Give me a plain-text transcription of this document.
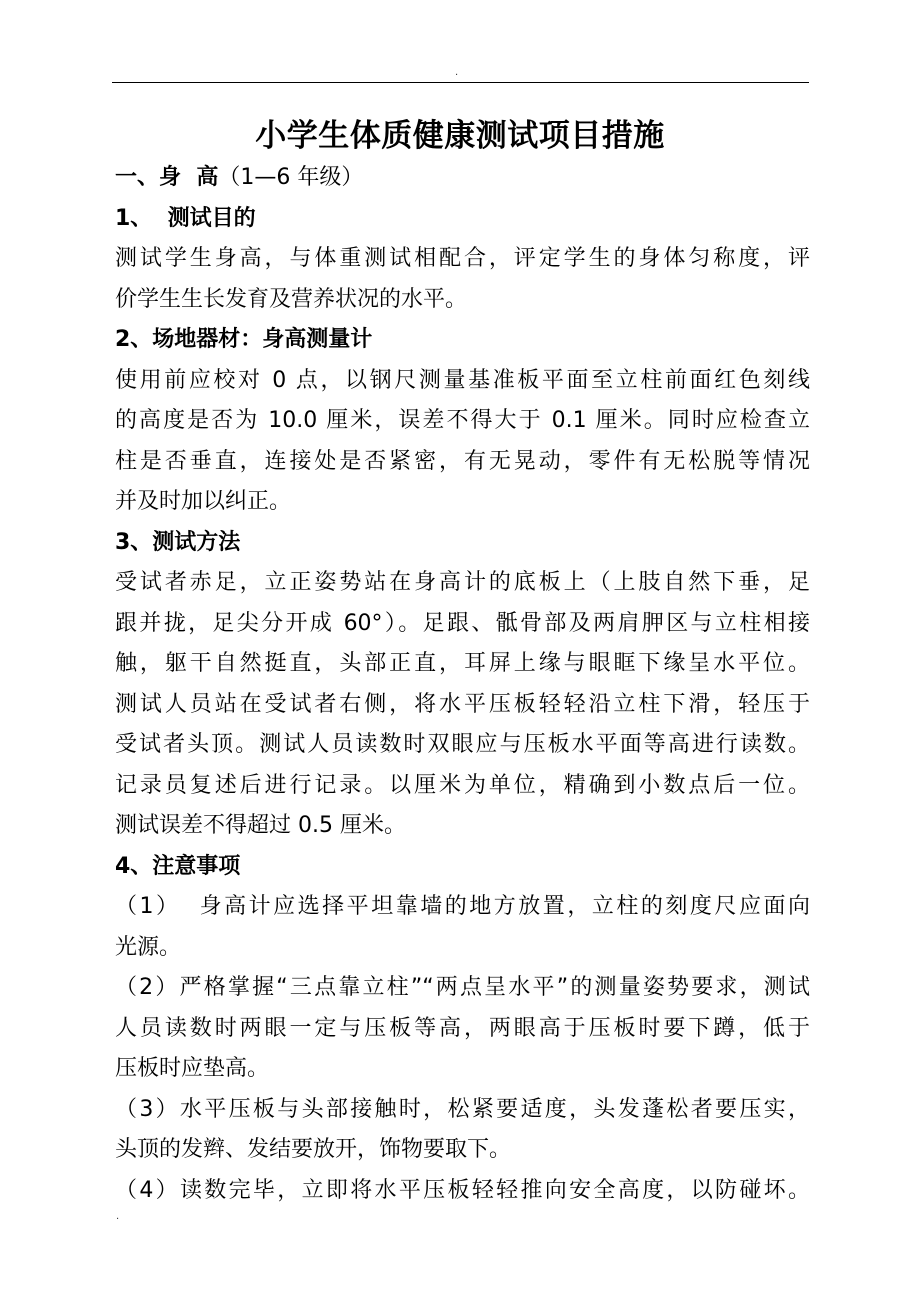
.
小学生体质健康测试项目措施
一、身  高（1—6 年级）
1、  测试目的
测试学生身高，与体重测试相配合，评定学生的身体匀称度，评
价学生生长发育及营养状况的水平。
2、场地器材：身高测量计
使用前应校对 0 点，以钢尺测量基准板平面至立柱前面红色刻线
的高度是否为 10.0 厘米，误差不得大于 0.1 厘米。同时应检查立
柱是否垂直，连接处是否紧密，有无晃动，零件有无松脱等情况
并及时加以纠正。
3、测试方法
受试者赤足，立正姿势站在身高计的底板上（上肢自然下垂，足
跟并拢，足尖分开成 60°）。足跟、骶骨部及两肩胛区与立柱相接
触，躯干自然挺直，头部正直，耳屏上缘与眼眶下缘呈水平位。
测试人员站在受试者右侧，将水平压板轻轻沿立柱下滑，轻压于
受试者头顶。测试人员读数时双眼应与压板水平面等高进行读数。
记录员复述后进行记录。以厘米为单位，精确到小数点后一位。
测试误差不得超过 0.5 厘米。
4、注意事项
（1）  身高计应选择平坦靠墙的地方放置，立柱的刻度尺应面向
光源。
（2）严格掌握“三点靠立柱”“两点呈水平”的测量姿势要求，测试
人员读数时两眼一定与压板等高，两眼高于压板时要下蹲，低于
压板时应垫高。
（3）水平压板与头部接触时，松紧要适度，头发蓬松者要压实，
头顶的发辫、发结要放开，饰物要取下。
（4）读数完毕，立即将水平压板轻轻推向安全高度，以防碰坏。
.
